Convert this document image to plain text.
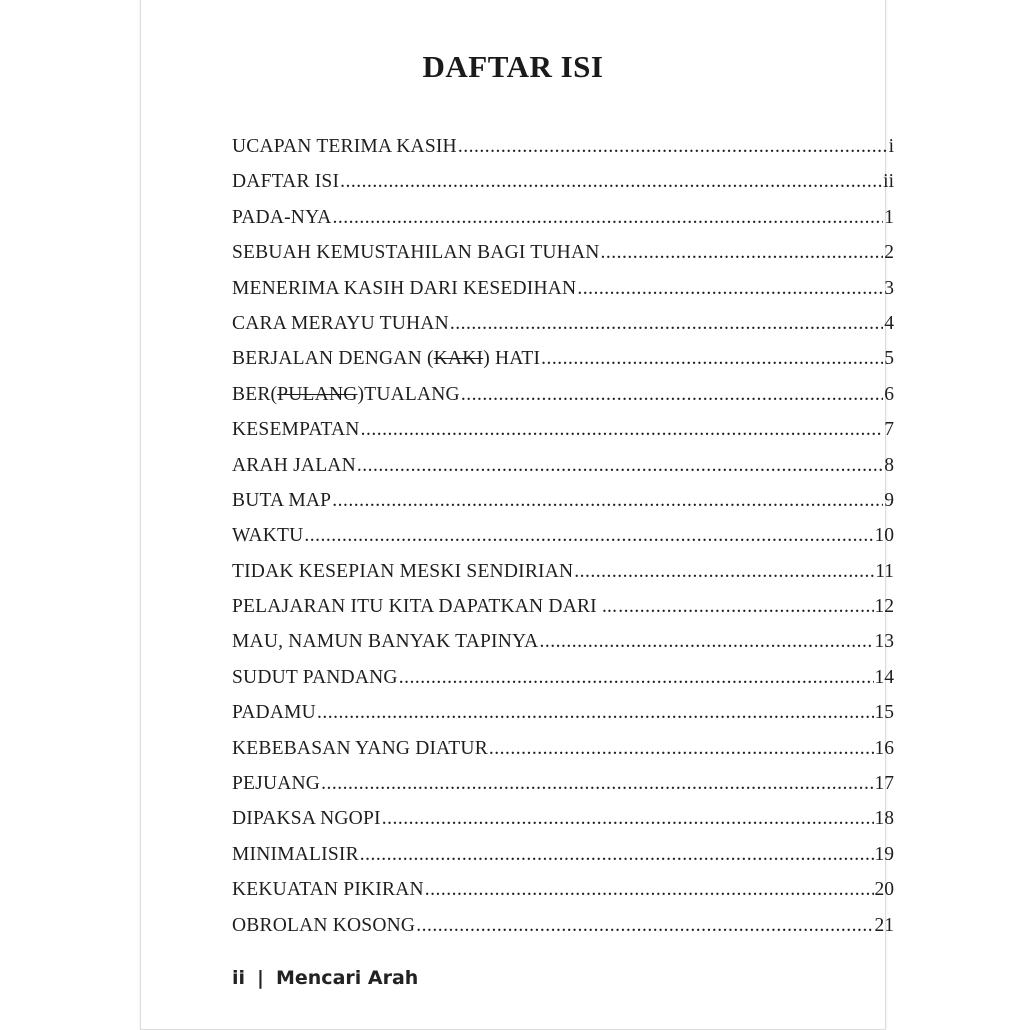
DAFTAR ISI
UCAPAN TERIMA KASIH .....	i
DAFTAR ISI .....	ii
PADA-NYA .....	1
SEBUAH KEMUSTAHILAN BAGI TUHAN .....	2
MENERIMA KASIH DARI KESEDIHAN .....	3
CARA MERAYU TUHAN .....	4
BERJALAN DENGAN (KAKI) HATI .....	5
BER(PULANG)TUALANG .....	6
KESEMPATAN .....	7
ARAH JALAN .....	8
BUTA MAP .....	9
WAKTU .....	10
TIDAK KESEPIAN MESKI SENDIRIAN .....	11
PELAJARAN ITU KITA DAPATKAN DARI ... .....	12
MAU, NAMUN BANYAK TAPINYA .....	13
SUDUT PANDANG .....	14
PADAMU .....	15
KEBEBASAN YANG DIATUR .....	16
PEJUANG .....	17
DIPAKSA NGOPI .....	18
MINIMALISIR .....	19
KEKUATAN PIKIRAN .....	20
OBROLAN KOSONG .....	21
ii | Mencari Arah
